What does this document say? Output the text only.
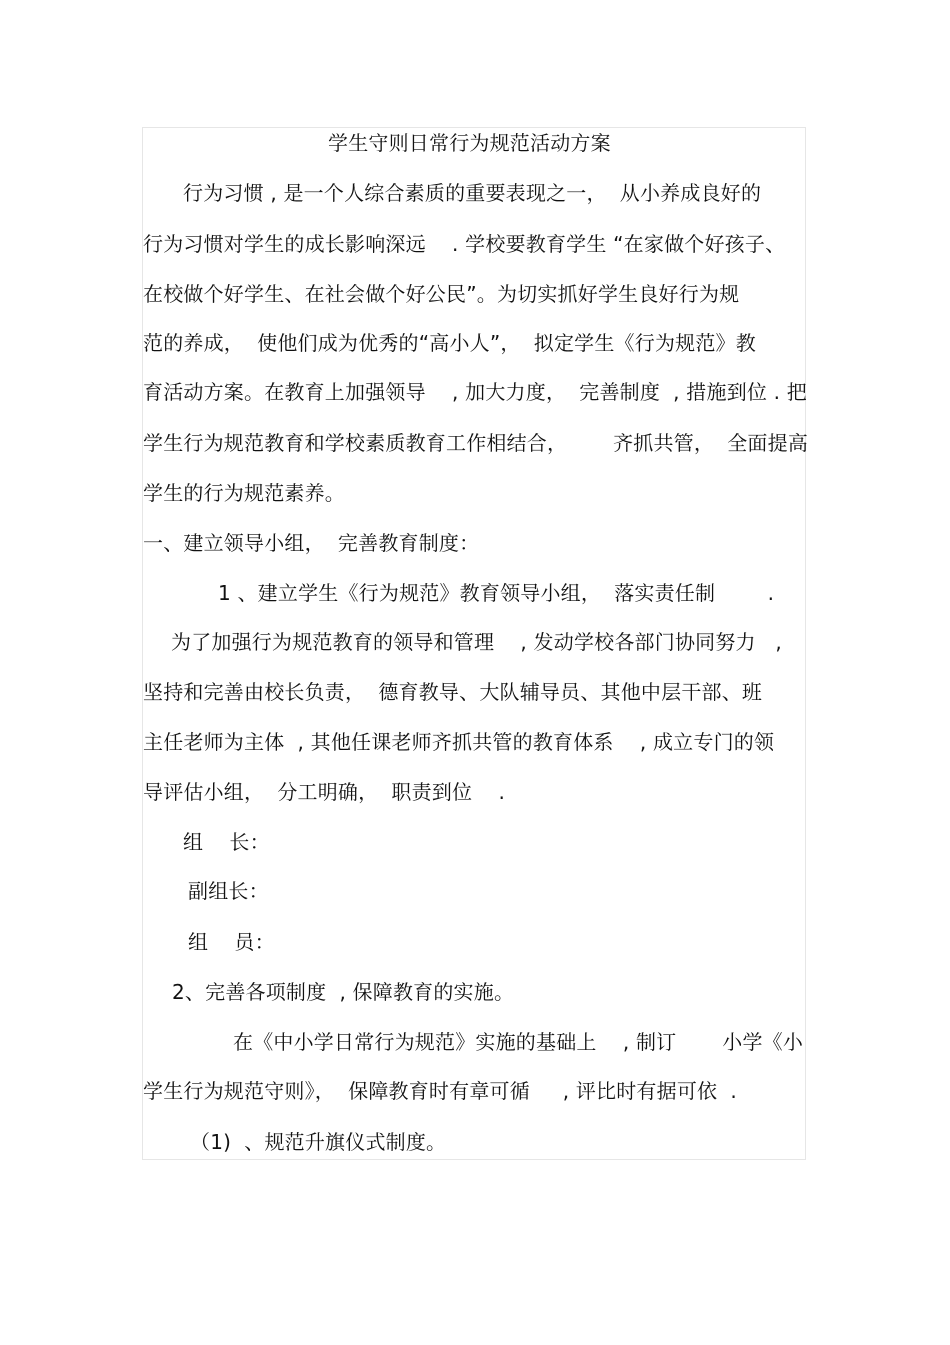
学生守则日常行为规范活动方案
行为习惯 , 是一个人综合素质的重要表现之一，  从小养成良好的
行为习惯对学生的成长影响深远    . 学校要教育学生 “在家做个好孩子、
在校做个好学生、在社会做个好公民”。为切实抓好学生良好行为规
范的养成，  使他们成为优秀的“高小人”，  拟定学生《行为规范》教
育活动方案。在教育上加强领导    , 加大力度，  完善制度  , 措施到位 . 把
学生行为规范教育和学校素质教育工作相结合，       齐抓共管，  全面提高
学生的行为规范素养。
一、建立领导小组，  完善教育制度：
1 、建立学生《行为规范》教育领导小组，  落实责任制        .
为了加强行为规范教育的领导和管理    , 发动学校各部门协同努力   ,
坚持和完善由校长负责，  德育教导、大队辅导员、其他中层干部、班
主任老师为主体  , 其他任课老师齐抓共管的教育体系    , 成立专门的领
导评估小组，  分工明确，  职责到位    .
组    长：
副组长：
组    员：
2、完善各项制度  , 保障教育的实施。
在《中小学日常行为规范》实施的基础上    , 制订       小学《小
学生行为规范守则》，  保障教育时有章可循     , 评比时有据可依  .
（1)  、规范升旗仪式制度。
